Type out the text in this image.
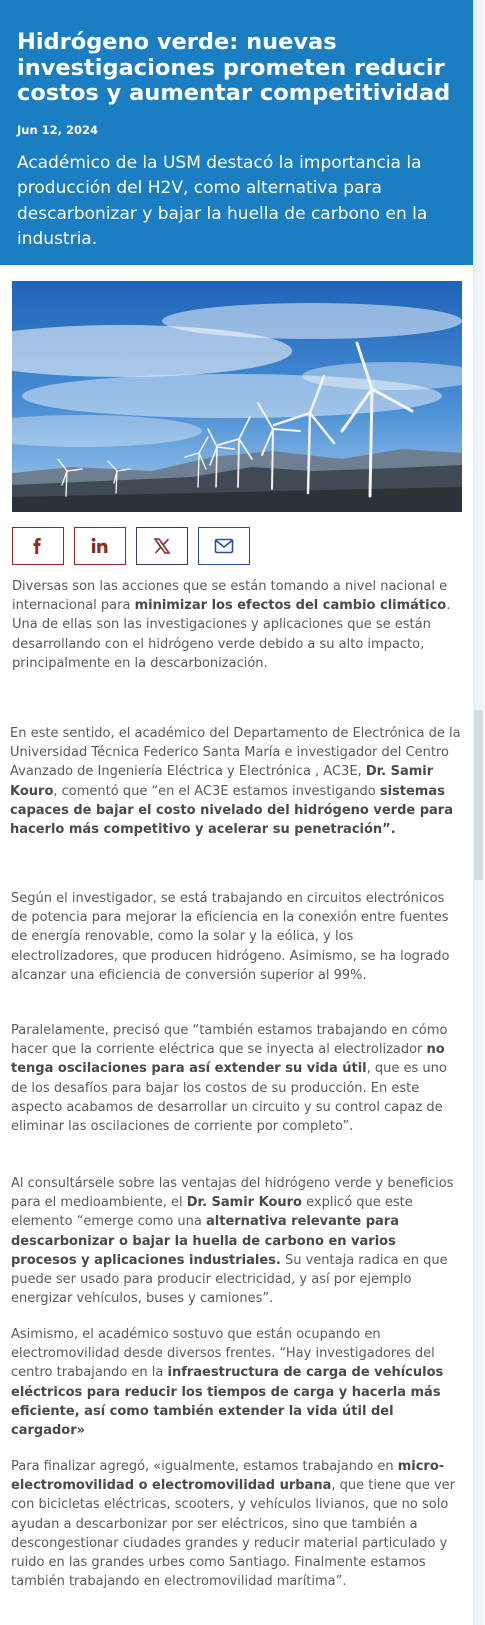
Hidrógeno verde: nuevas investigaciones prometen reducir costos y aumentar competitividad
Jun 12, 2024
Académico de la USM destacó la importancia la producción del H2V, como alternativa para descarbonizar y bajar la huella de carbono en la industria.

Diversas son las acciones que se están tomando a nivel nacional e internacional para minimizar los efectos del cambio climático. Una de ellas son las investigaciones y aplicaciones que se están desarrollando con el hidrógeno verde debido a su alto impacto, principalmente en la descarbonización.

En este sentido, el académico del Departamento de Electrónica de la Universidad Técnica Federico Santa María e investigador del Centro Avanzado de Ingeniería Eléctrica y Electrónica , AC3E, Dr. Samir Kouro, comentó que “en el AC3E estamos investigando sistemas capaces de bajar el costo nivelado del hidrógeno verde para hacerlo más competitivo y acelerar su penetración”.

Según el investigador, se está trabajando en circuitos electrónicos de potencia para mejorar la eficiencia en la conexión entre fuentes de energía renovable, como la solar y la eólica, y los electrolizadores, que producen hidrógeno. Asimismo, se ha logrado alcanzar una eficiencia de conversión superior al 99%.

Paralelamente, precisó que “también estamos trabajando en cómo hacer que la corriente eléctrica que se inyecta al electrolizador no tenga oscilaciones para así extender su vida útil, que es uno de los desafíos para bajar los costos de su producción. En este aspecto acabamos de desarrollar un circuito y su control capaz de eliminar las oscilaciones de corriente por completo”.

Al consultársele sobre las ventajas del hidrógeno verde y beneficios para el medioambiente, el Dr. Samir Kouro explicó que este elemento “emerge como una alternativa relevante para descarbonizar o bajar la huella de carbono en varios procesos y aplicaciones industriales. Su ventaja radica en que puede ser usado para producir electricidad, y así por ejemplo energizar vehículos, buses y camiones”.

Asimismo, el académico sostuvo que están ocupando en electromovilidad desde diversos frentes. “Hay investigadores del centro trabajando en la infraestructura de carga de vehículos eléctricos para reducir los tiempos de carga y hacerla más eficiente, así como también extender la vida útil del cargador»

Para finalizar agregó, «igualmente, estamos trabajando en micro-electromovilidad o electromovilidad urbana, que tiene que ver con bicicletas eléctricas, scooters, y vehículos livianos, que no solo ayudan a descarbonizar por ser eléctricos, sino que también a descongestionar ciudades grandes y reducir material particulado y ruido en las grandes urbes como Santiago. Finalmente estamos también trabajando en electromovilidad marítima”.
